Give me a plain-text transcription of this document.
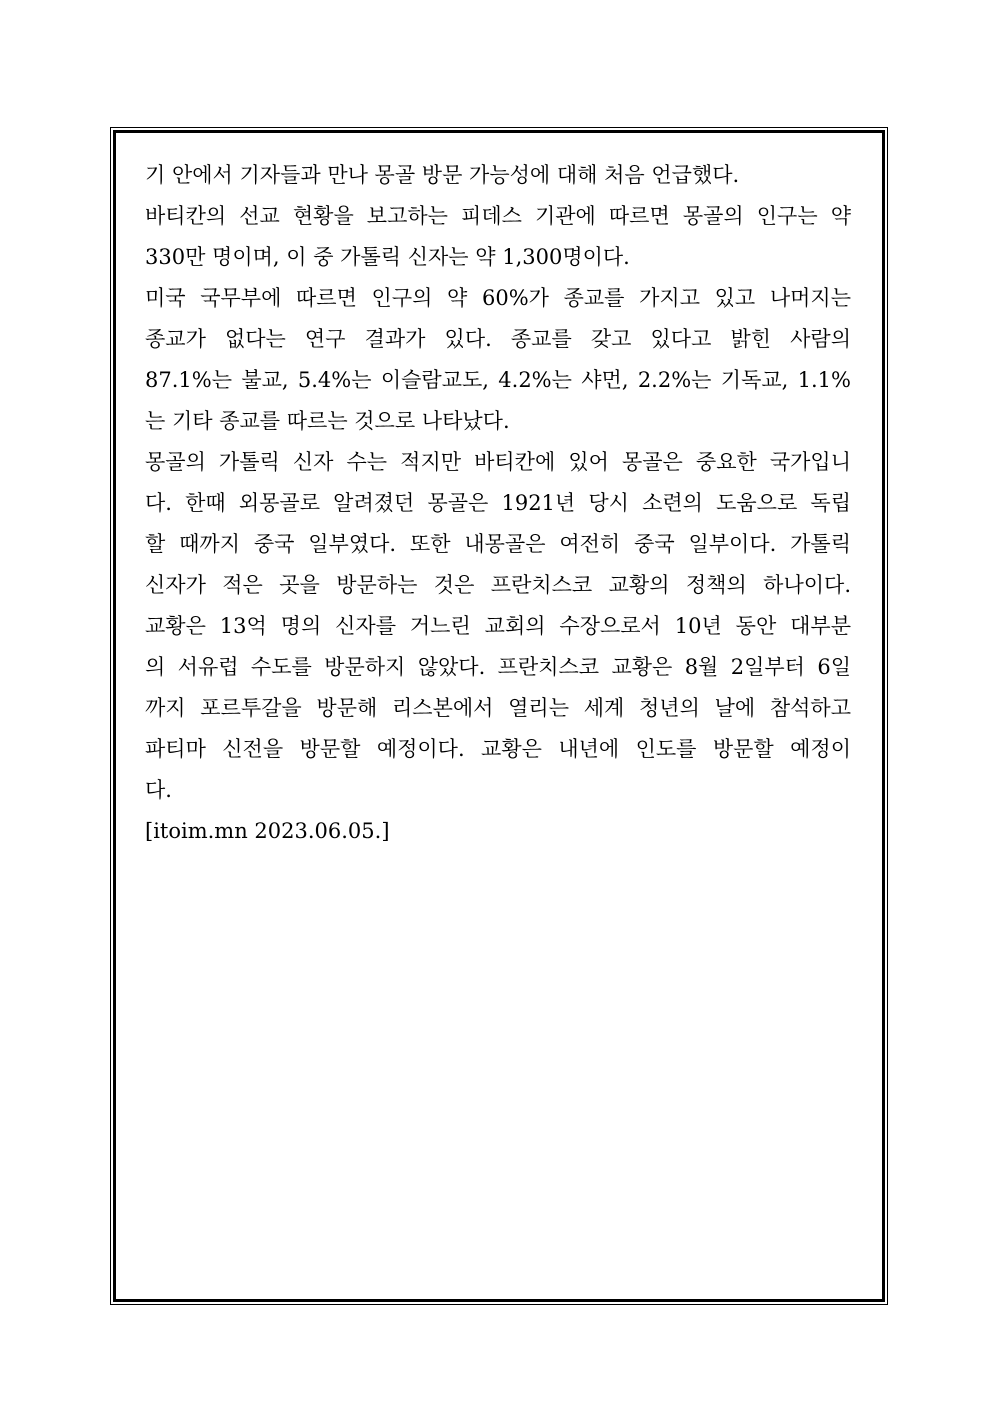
기 안에서 기자들과 만나 몽골 방문 가능성에 대해 처음 언급했다.
바티칸의 선교 현황을 보고하는 피데스 기관에 따르면 몽골의 인구는 약
330만 명이며, 이 중 가톨릭 신자는 약 1,300명이다.
미국 국무부에 따르면 인구의 약 60%가 종교를 가지고 있고 나머지는
종교가 없다는 연구 결과가 있다. 종교를 갖고 있다고 밝힌 사람의
87.1%는 불교, 5.4%는 이슬람교도, 4.2%는 샤먼, 2.2%는 기독교, 1.1%
는 기타 종교를 따르는 것으로 나타났다.
몽골의 가톨릭 신자 수는 적지만 바티칸에 있어 몽골은 중요한 국가입니
다. 한때 외몽골로 알려졌던 몽골은 1921년 당시 소련의 도움으로 독립
할 때까지 중국 일부였다. 또한 내몽골은 여전히 중국 일부이다. 가톨릭
신자가 적은 곳을 방문하는 것은 프란치스코 교황의 정책의 하나이다.
교황은 13억 명의 신자를 거느린 교회의 수장으로서 10년 동안 대부분
의 서유럽 수도를 방문하지 않았다. 프란치스코 교황은 8월 2일부터 6일
까지 포르투갈을 방문해 리스본에서 열리는 세계 청년의 날에 참석하고
파티마 신전을 방문할 예정이다. 교황은 내년에 인도를 방문할 예정이
다.
[itoim.mn 2023.06.05.]
